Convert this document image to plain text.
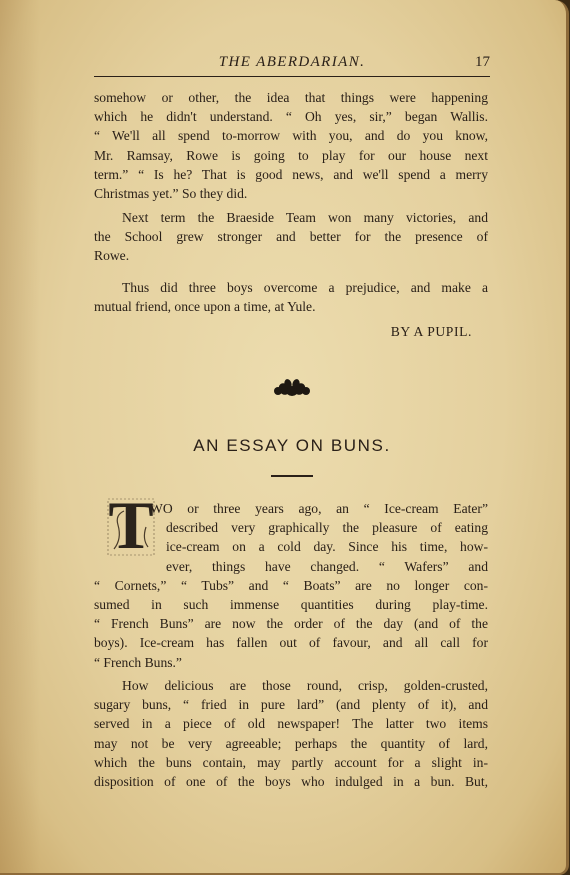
THE ABERDARIAN.	17
somehow or other, the idea that things were happening
which he didn't understand. “ Oh yes, sir,” began Wallis.
“ We'll all spend to-morrow with you, and do you know,
Mr. Ramsay, Rowe is going to play for our house next
term.” “ Is he? That is good news, and we'll spend a merry
Christmas yet.” So they did.
Next term the Braeside Team won many victories, and
the School grew stronger and better for the presence of
Rowe.
Thus did three boys overcome a prejudice, and make a
mutual friend, once upon a time, at Yule.
BY A PUPIL.
AN ESSAY ON BUNS.
T
WO or three years ago, an “ Ice-cream Eater”
described very graphically the pleasure of eating
ice-cream on a cold day. Since his time, how-
ever, things have changed. “ Wafers” and
“ Cornets,” “ Tubs” and “ Boats” are no longer con-
sumed in such immense quantities during play-time.
“ French Buns” are now the order of the day (and of the
boys). Ice-cream has fallen out of favour, and all call for
“ French Buns.”
How delicious are those round, crisp, golden-crusted,
sugary buns, “ fried in pure lard” (and plenty of it), and
served in a piece of old newspaper! The latter two items
may not be very agreeable; perhaps the quantity of lard,
which the buns contain, may partly account for a slight in-
disposition of one of the boys who indulged in a bun. But,
